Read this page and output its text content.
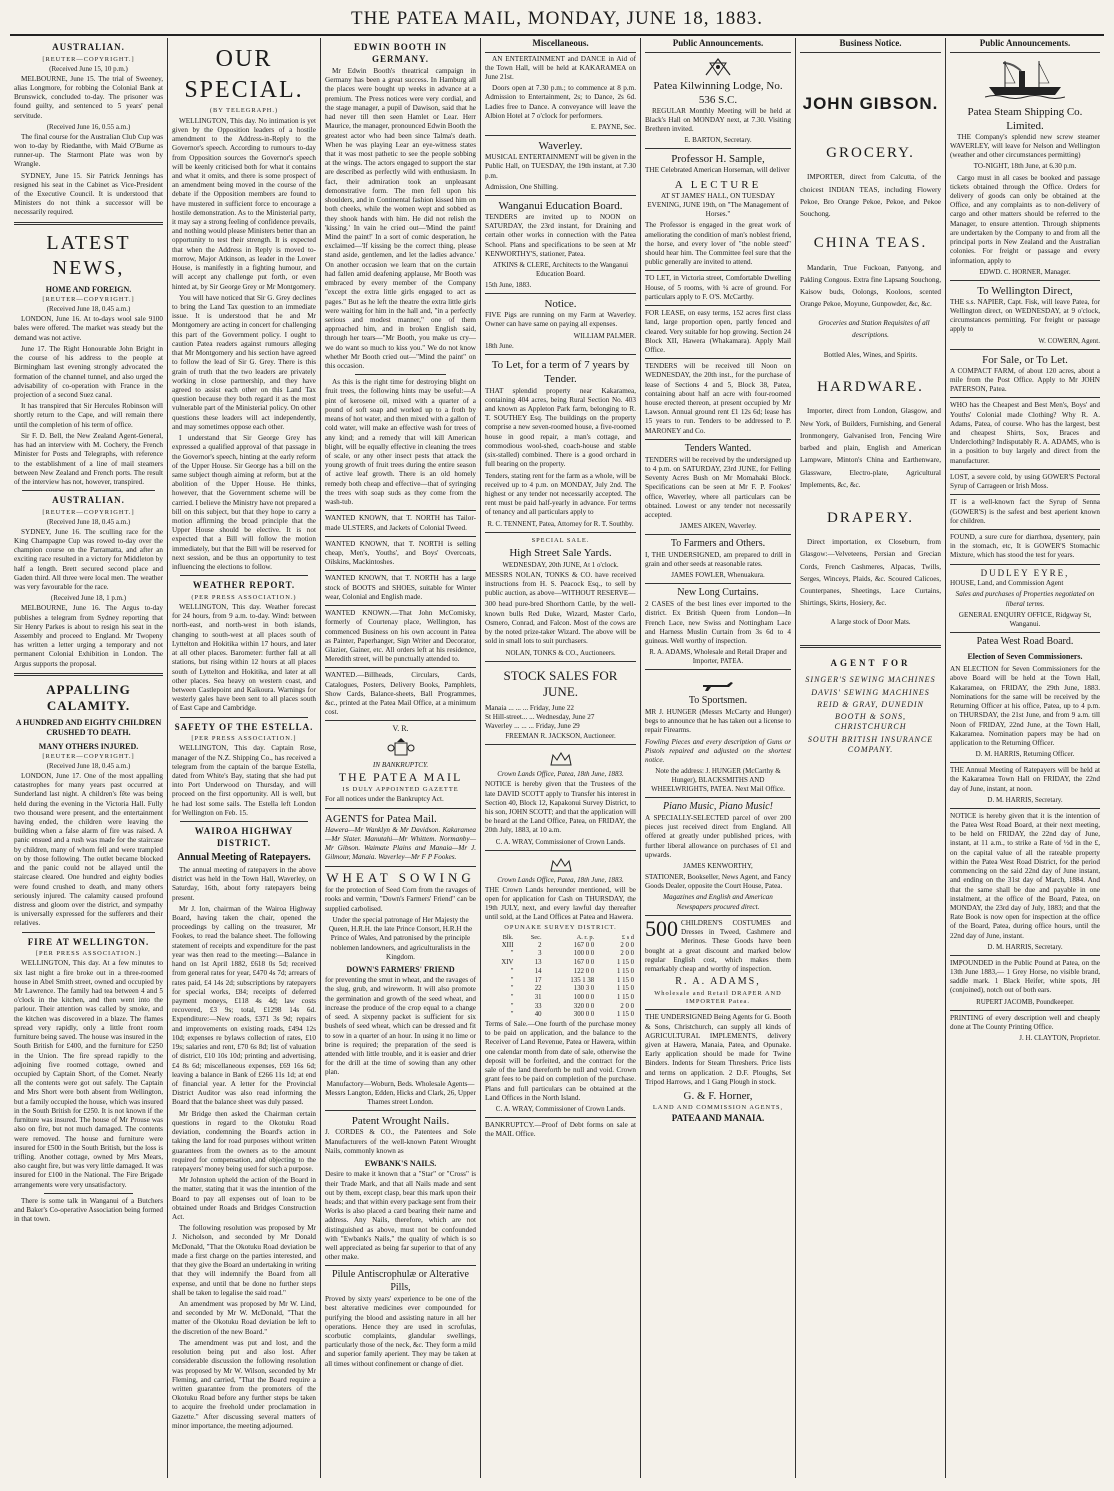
THE PATEA MAIL, MONDAY, JUNE 18, 1883.
AUSTRALIAN.
[REUTER—COPYRIGHT.]
(Received June 15, 10 p.m.)

MELBOURNE, June 15. The trial of Sweeney, alias Longmore, for robbing the Colonial Bank at Brunswick, concluded to-day. The prisoner was found guilty, and sentenced to 5 years' penal servitude.

(Received June 16, 0.55 a.m.)

The final course for the Australian Club Cup was won to-day by Riedanthe, with Maid O'Burne as runner-up. The Starmont Plate was won by Wrangle.

SYDNEY, June 15. Sir Patrick Jennings has resigned his seat in the Cabinet as Vice-President of the Executive Council. It is understood that Ministers do not think a successor will be necessarily required.

LATEST NEWS,
HOME AND FOREIGN.
[REUTER—COPYRIGHT.]
(Received June 18, 0.45 a.m.)

LONDON, June 16. At to-days wool sale 9100 bales were offered. The market was steady but the demand was not active.

June 17. The Right Honourable John Bright in the course of his address to the people at Birmingham last evening strongly advocated the formation of the channel tunnel, and also urged the advisability of co-operation with France in the projection of a second Suez canal.

It has transpired that Sir Hercules Robinson will shortly return to the Cape, and will remain there until the completion of his term of office.

Sir F. D. Bell, the New Zealand Agent-General, has had an interview with M. Cochery, the French Minister for Posts and Telegraphs, with reference to the establishment of a line of mail steamers between New Zealand and French ports. The result of the interview has not, however, transpired.

AUSTRALIAN.
[REUTER—COPYRIGHT.]
(Received June 18, 0.45 a.m.)

SYDNEY, June 16. The sculling race for the King Champagne Cup was rowed to-day over the champion course on the Parramatta, and after an exciting race resulted in a victory for Middleton by half a length. Brett secured second place and Gaden third. All three were local men. The weather was very favourable for the race.

(Received June 18, 1 p.m.)

MELBOURNE, June 16. The Argus to-day publishes a telegram from Sydney reporting that Sir Henry Parkes is about to resign his seat in the Assembly and proceed to England. Mr Twopeny has written a letter urging a temporary and not permanent Colonial Exhibition in London. The Argus supports the proposal.

APPALLING CALAMITY.
A HUNDRED AND EIGHTY CHILDREN CRUSHED TO DEATH.
MANY OTHERS INJURED.
[REUTER—COPYRIGHT.]
(Received June 18, 0.45 a.m.)

LONDON, June 17. One of the most appalling catastrophes for many years past occurred at Sunderland last night. A children's fête was being held during the evening in the Victoria Hall. Fully two thousand were present, and the entertainment having ended, the children were leaving the building when a false alarm of fire was raised. A panic ensued and a rush was made for the staircase by children, many of whom fell and were trampled on by those following. The outlet became blocked and the panic could not be allayed until the staircase cleared. One hundred and eighty bodies were found crushed to death, and many others seriously injured. The calamity caused profound distress and gloom over the district, and sympathy is universally expressed for the sufferers and their relatives.

FIRE AT WELLINGTON.
[PER PRESS ASSOCIATION.]

WELLINGTON, This day. At a few minutes to six last night a fire broke out in a three-roomed house in Abel Smith street, owned and occupied by Mr Lawrence. The family had tea between 4 and 5 o'clock in the kitchen, and then went into the parlour. Their attention was called by smoke, and the kitchen was discovered in a blaze. The flames spread very rapidly, only a little front room furniture being saved. The house was insured in the South British for £400, and the furniture for £250 in the Union. The fire spread rapidly to the adjoining five roomed cottage, owned and occupied by Captain Short, of the Comet. Nearly all the contents were got out safely. The Captain and Mrs Short were both absent from Wellington, but a family occupied the house, which was insured in the South British for £250. It is not known if the furniture was insured. The house of Mr Prouse was also on fire, but not much damaged. The contents were removed. The house and furniture were insured for £500 in the South British, but the loss is trifling. Another cottage, owned by Mrs Mears, also caught fire, but was very little damaged. It was insured for £100 in the National. The Fire Brigade arrangements were very unsatisfactory.

There is some talk in Wanganui of a Butchers and Baker's Co-operative Association being formed in that town.

OUR SPECIAL.
(BY TELEGRAPH.)

WELLINGTON, This day. No intimation is yet given by the Opposition leaders of a hostile amendment to the Address-in-Reply to the Governor's speech. According to rumours to-day from Opposition sources the Governor's speech will be keenly criticised both for what it contains and what it omits, and there is some prospect of an amendment being moved in the course of the debate if the Opposition members are found to have mustered in sufficient force to encourage a hostile demonstration. As to the Ministerial party, it may say a strong feeling of confidence prevails, and nothing would please Ministers better than an opportunity to test their strength. It is expected that when the Address in Reply is moved to-morrow, Major Atkinson, as leader in the Lower House, is manifestly in a fighting humour, and will accept any challenge put forth, or even hinted at, by Sir George Grey or Mr Montgomery.

You will have noticed that Sir G. Grey declines to bring the Land Tax question to an immediate issue. It is understood that he and Mr Montgomery are acting in concert for challenging this part of the Government policy. I ought to caution Patea readers against rumours alleging that Mr Montgomery and his section have agreed to follow the lead of Sir G. Grey. There is this grain of truth that the two leaders are privately working in close partnership, and they have agreed to assist each other on this Land Tax question because they both regard it as the most vulnerable part of the Ministerial policy. On other questions these leaders will act independently, and may sometimes oppose each other.

I understand that Sir George Grey has expressed a qualified approval of that passage in the Governor's speech, hinting at the early reform of the Upper House. Sir George has a bill on the same subject though aiming at reform, but at the abolition of the Upper House. He thinks, however, that the Government scheme will be carried. I believe the Ministry have not prepared a bill on this subject, but that they hope to carry a motion affirming the broad principle that the Upper House should be elective. It is not expected that a Bill will follow the motion immediately, but that the Bill will be reserved for next session, and be thus an opportunity to test influencing the elections to follow.

WEATHER REPORT.
(PER PRESS ASSOCIATION.)

WELLINGTON, This day. Weather forecast for 24 hours, from 9 a.m. to-day. Wind: between north-east, and north-west in both islands, changing to south-west at all places south of Lyttelton and Hokitika within 17 hours, and later at all other places. Barometer: further fall at all stations, but rising within 12 hours at all places south of Lyttelton and Hokitika, and later at all other places. Sea heavy on western coast, and between Castlepoint and Kaikoura. Warnings for westerly gales have been sent to all places south of East Cape and Cambridge.

SAFETY OF THE ESTELLA.
[PER PRESS ASSOCIATION.]

WELLINGTON, This day. Captain Rose, manager of the N.Z. Shipping Co., has received a telegram from the captain of the barque Estella, dated from White's Bay, stating that she had put into Port Underwood on Thursday, and will proceed on the first opportunity. All is well, but he had lost some sails. The Estella left London for Wellington on Feb. 15.

WAIROA HIGHWAY DISTRICT.
Annual Meeting of Ratepayers.

The annual meeting of ratepayers in the above district was held in the Town Hall, Waverley, on Saturday, 16th, about forty ratepayers being present.

Mr J. Ion, chairman of the Wairoa Highway Board, having taken the chair, opened the proceedings by calling on the treasurer, Mr Fookes, to read the balance sheet. The following statement of receipts and expenditure for the past year was then read to the meeting:—Balance in hand on 1st April 1882, £618 0s 5d; received from general rates for year, £470 4s 7d; arrears of rates paid, £4 14s 2d; subscriptions by ratepayers for special works, £84; receipts of deferred payment moneys, £118 4s 4d; law costs recovered, £3 9s; total, £1298 14s 6d. Expenditure:—New roads, £371 3s 9d; repairs and improvements on existing roads, £494 12s 10d; expenses re bylaws collection of rates, £10 19s; salaries and rent, £70 6s 8d; list of valuation of district, £10 10s 10d; printing and advertising, £4 8s 6d; miscellaneous expenses, £69 16s 6d; leaving a balance in Bank of £266 11s 1d; at end of financial year. A letter for the Provincial District Auditor was also read informing the Board that the balance sheet was duly passed.

Mr Bridge then asked the Chairman certain questions in regard to the Okotuku Road deviation, condemning the Board's action in taking the land for road purposes without written guarantees from the owners as to the amount required for compensation, and objecting to the ratepayers' money being used for such a purpose.

Mr Johnston upheld the action of the Board in the matter, stating that it was the intention of the Board to pay all expenses out of loan to be obtained under Roads and Bridges Construction Act.

The following resolution was proposed by Mr J. Nicholson, and seconded by Mr Donald McDonald, "That the Okotuku Road deviation be made a first charge on the parties interested, and that they give the Board an undertaking in writing that they will indemnify the Board from all expense, and until that be done no further steps shall be taken to legalise the said road."

An amendment was proposed by Mr W. Lind, and seconded by Mr W. McDonald, "That the matter of the Okotuku Road deviation be left to the discretion of the new Board."

The amendment was put and lost, and the resolution being put and also lost. After considerable discussion the following resolution was proposed by Mr W. Wilson, seconded by Mr Fleming, and carried, "That the Board require a written guarantee from the promoters of the Okotuku Road before any further steps be taken to acquire the freehold under proclamation in Gazette." After discussing several matters of minor importance, the meeting adjourned.

EDWIN BOOTH IN GERMANY.

Mr Edwin Booth's theatrical campaign in Germany has been a great success. In Hamburg all the places were bought up weeks in advance at a premium. The Press notices were very cordial, and the stage manager, a pupil of Dawison, said that he had never till then seen Hamlet or Lear. Herr Maurice, the manager, pronounced Edwin Booth the greatest actor who had been since Talma's death. When he was playing Lear an eye-witness states that it was most pathetic to see the people sobbing at the wings. The actors engaged to support the star are described as perfectly wild with enthusiasm. In fact, their admiration took an unpleasant demonstrative form. The men fell upon his shoulders, and in Continental fashion kissed him on both cheeks, while the women wept and sobbed as they shook hands with him. He did not relish the 'kissing.' In vain he cried out—'Mind the paint! Mind the paint!' In a sort of comic desperation, he exclaimed—'If kissing be the correct thing, please stand aside, gentlemen, and let the ladies advance.' On another occasion we learn that on the curtain had fallen amid deafening applause, Mr Booth was embraced by every member of the Company "except the extra little girls engaged to act as pages." But as he left the theatre the extra little girls were waiting for him in the hall and, "in a perfectly serious and modest manner," one of them approached him, and in broken English said, through her tears—"Mr Booth, you make us cry—we do want so much to kiss you." We do not know whether Mr Booth cried out—"Mind the paint" on this occasion.

As this is the right time for destroying blight on fruit trees, the following hints may be useful:—A pint of kerosene oil, mixed with a quarter of a pound of soft soap and worked up to a froth by means of hot water, and then mixed with a gallon of cold water, will make an effective wash for trees of any kind; and a remedy that will kill American blight, will be equally effective in cleaning the trees of scale, or any other insect pests that attack the young growth of fruit trees during the entire season of active leaf growth. There is an old homely remedy both cheap and effective—that of syringing the trees with soap suds as they come from the wash-tub.

WANTED KNOWN, that T. NORTH has Tailor-made ULSTERS, and Jackets of Colonial Tweed.

WANTED KNOWN, that T. NORTH is selling cheap, Men's, Youths', and Boys' Overcoats, Oilskins, Mackintoshes.

WANTED KNOWN, that T. NORTH has a large stock of BOOTS and SHOES, suitable for Winter wear, Colonial and English made.

WANTED KNOWN.—That John McComisky, formerly of Courtenay place, Wellington, has commenced Business on his own account in Patea as Painter, Paperhanger, Sign Writer and Decorator, Glazier, Gainer, etc. All orders left at his residence, Meredith street, will be punctually attended to.

WANTED.—Billheads, Circulars, Cards, Catalogues, Posters, Delivery Books, Pamphlets, Show Cards, Balance-sheets, Ball Programmes, &c., printed at the Patea Mail Office, at a minimum cost.

V. R.
IN BANKRUPTCY.
THE PATEA MAIL
IS DULY APPOINTED GAZETTE

For all notices under the Bankruptcy Act.

AGENTS for Patea Mail.

Hawera—Mr Wanklyn & Mr Davidson. Kakaramea—Mr Slater. Manutahi—Mr Whittem. Normanby—Mr Gibson. Waimate Plains and Manaia—Mr J. Gilmour, Manaia. Waverley—Mr F P Fookes.

WHEAT SOWING

for the protection of Seed Corn from the ravages of rooks and vermin, "Down's Farmers' Friend" can be supplied carbolised.

Under the special patronage of Her Majesty the Queen, H.R.H. the late Prince Consort, H.R.H the Prince of Wales, And patronised by the principle noblemen landowners, and agriculturalists in the Kingdom.

DOWN'S FARMERS' FRIEND

for preventing the smut in wheat, and the ravages of the slug, grub, and wireworm. It will also promote the germination and growth of the seed wheat, and increase the produce of the crop equal to a change of seed. A sixpenny packet is sufficient for six bushels of seed wheat, which can be dressed and fit to sow in a quarter of an hour. In using it no lime or brine is required; the preparation of the seed is attended with little trouble, and it is easier and drier for the drill at the time of sowing than any other plan.

Manufactory—Woburn, Beds. Wholesale Agents—Messrs Langton, Edden, Hicks and Clark, 26, Upper Thames street London.

Patent Wrought Nails.

J. CORDES & CO., the Patentees and Sole Manufacturers of the well-known Patent Wrought Nails, commonly known as

EWBANK'S NAILS.

Desire to make it known that a "Star" or "Cross" is their Trade Mark, and that all Nails made and sent out by them, except clasp, bear this mark upon their heads; and that within every package sent from their Works is also placed a card bearing their name and address. Any Nails, therefore, which are not distinguished as above, must not be confounded with "Ewbank's Nails," the quality of which is so well appreciated as being far superior to that of any other make.

Pilule Antiscrophulæ or Alterative Pills,

Proved by sixty years' experience to be one of the best alterative medicines ever compounded for purifying the blood and assisting nature in all her operations. Hence they are used in scrofulas, scorbutic complaints, glandular swellings, particularly those of the neck, &c. They form a mild and superior family aperient. They may be taken at all times without confinement or change of diet.

Miscellaneous.

AN ENTERTAINMENT and DANCE in Aid of the Town Hall, will be held at KAKARAMEA on June 21st.

Doors open at 7.30 p.m.; to commence at 8 p.m. Admission to Entertainment, 2s; to Dance, 2s 6d. Ladies free to Dance. A conveyance will leave the Albion Hotel at 7 o'clock for performers.

E. PAYNE, Sec.
Waverley.

MUSICAL ENTERTAINMENT will be given in the Public Hall, on TUESDAY, the 19th instant, at 7.30 p.m.

Admission, One Shilling.

Wanganui Education Board.

TENDERS are invited up to NOON on SATURDAY, the 23rd instant, for Draining and certain other works in connection with the Patea School. Plans and specifications to be seen at Mr KENWORTHY'S, stationer, Patea.

ATKINS & CLERE, Architects to the Wanganui Education Board.
15th June, 1883.
Notice.

FIVE Pigs are running on my Farm at Waverley. Owner can have same on paying all expenses.

WILLIAM PALMER.
18th June.
To Let, for a term of 7 years by Tender.

THAT splendid property near Kakaramea, containing 404 acres, being Rural Section No. 403 and known as Appleton Park farm, belonging to R. T. SOUTHEY Esq. The buildings on the property comprise a new seven-roomed house, a five-roomed house in good repair, a man's cottage, and commodious wool-shed, coach-house and stable (six-stalled) combined. There is a good orchard in full bearing on the property.

Tenders, stating rent for the farm as a whole, will be received up to 4 p.m. on MONDAY, July 2nd. The highest or any tender not necessarily accepted. The rent must be paid half-yearly in advance. For terms of tenancy and all particulars apply to

R. C. TENNENT, Patea, Attorney for R. T. Southby.
SPECIAL SALE.
High Street Sale Yards.
WEDNESDAY, 20th JUNE, At 1 o'clock.

MESSRS NOLAN, TONKS & CO. have received instructions from H. S. Peacock Esq., to sell by public auction, as above—WITHOUT RESERVE—

300 head pure-bred Shorthorn Cattle, by the well-known bulls Red Duke, Wizard, Master Carlo, Osmero, Conrad, and Falcon. Most of the cows are by the noted prize-taker Wizard. The above will be sold in small lots to suit purchasers.

NOLAN, TONKS & CO., Auctioneers.
STOCK SALES FOR JUNE.
Manaia ... ... ... Friday, June 22
St Hill-street... ... Wednesday, June 27
Waverley ... ... ... Friday, June 29
FREEMAN R. JACKSON, Auctioneer.
Crown Lands Office, Patea, 18th June, 1883.

NOTICE is hereby given that the Trustees of the late DAVID SCOTT apply to Transfer his interest in Section 40, Block 12, Kapakonui Survey District, to his son, JOHN SCOTT; and that the application will be heard at the Land Office, Patea, on FRIDAY, the 20th July, 1883, at 10 a.m.

C. A. WRAY, Commissioner of Crown Lands.
Crown Lands Office, Patea, 18th June, 1883.

THE Crown Lands hereunder mentioned, will be open for application for Cash on THURSDAY, the 19th JULY, next, and every lawful day thereafter until sold, at the Land Offices at Patea and Hawera.

OPUNAKE SURVEY DISTRICT.
Blk.	Sec.	A. r. p.	£ s d
XIII	2	167 0 0	2 0 0
"	3	100 0 0	2 0 0
XIV	13	167 0 0	1 15 0
"	14	122 0 0	1 15 0
"	17	135 1 38	1 15 0
"	22	130 3 0	1 15 0
"	31	100 0 0	1 15 0
"	33	320 0 0	2 0 0
"	40	300 0 0	1 15 0

Terms of Sale.—One fourth of the purchase money to be paid on application, and the balance to the Receiver of Land Revenue, Patea or Hawera, within one calendar month from date of sale, otherwise the deposit will be forfeited, and the contract for the sale of the land thereforth be null and void. Crown grant fees to be paid on completion of the purchase. Plans and full particulars can be obtained at the Land Offices in the North Island.

C. A. WRAY, Commissioner of Crown Lands.

BANKRUPTCY.—Proof of Debt forms on sale at the MAIL Office.

Public Announcements.
Patea Kilwinning Lodge, No. 536 S.C.

REGULAR Monthly Meeting will be held at Black's Hall on MONDAY next, at 7.30. Visiting Brethren invited.

E. BARTON, Secretary.
Professor H. Sample,

THE Celebrated American Horseman, will deliver

A LECTURE

AT ST JAMES' HALL, ON TUESDAY EVENING, JUNE 19th, on "The Management of Horses."

The Professor is engaged in the great work of ameliorating the condition of man's noblest friend, the horse, and every lover of "the noble steed" should hear him. The Committee feel sure that the public generally are invited to attend.

TO LET, in Victoria street, Comfortable Dwelling House, of 5 rooms, with ¼ acre of ground. For particulars apply to F. O'S. McCarthy.

FOR LEASE, on easy terms, 152 acres first class land, large proportion open, partly fenced and cleared. Very suitable for hop growing. Section 24 Block XII, Hawera (Whakamara). Apply Mail Office.

TENDERS will be received till Noon on WEDNESDAY, the 20th inst., for the purchase of lease of Sections 4 and 5, Block 38, Patea, containing about half an acre with four-roomed house erected thereon, at present occupied by Mr Lawson. Annual ground rent £1 12s 6d; lease has 15 years to run. Tenders to be addressed to P. MARONEY and Co.

Tenders Wanted.

TENDERS will be received by the undersigned up to 4 p.m. on SATURDAY, 23rd JUNE, for Felling Seventy Acres Bush on Mr Momahaki Block. Specifications can be seen at Mr F. P. Fookes' office, Waverley, where all particulars can be obtained. Lowest or any tender not necessarily accepted.

JAMES AIKEN, Waverley.
To Farmers and Others.

I, THE UNDERSIGNED, am prepared to drill in grain and other seeds at reasonable rates.

JAMES FOWLER, Whenuakura.
New Long Curtains.

2 CASES of the best lines ever imported to the district. Ex British Queen from London—In French Lace, new Swiss and Nottingham Lace and Harness Muslin Curtain from 3s 6d to 4 guineas. Well worthy of inspection.

R. A. ADAMS, Wholesale and Retail Draper and Importer, PATEA.
To Sportsmen.

MR J. HUNGER (Messrs McCarty and Hunger) begs to announce that he has taken out a license to repair Firearms.

Fowling Pieces and every description of Guns or Pistols repaired and adjusted on the shortest notice.

Note the address: J. HUNGER (McCarthy & Hunger), BLACKSMITHS AND WHEELWRIGHTS, PATEA. Next Mail Office.
Piano Music, Piano Music!

A SPECIALLY-SELECTED parcel of over 200 pieces just received direct from England. All offered at greatly under published prices, with further liberal allowance on purchases of £1 and upwards.

JAMES KENWORTHY,

STATIONER, Bookseller, News Agent, and Fancy Goods Dealer, opposite the Court House, Patea.

Magazines and English and American Newspapers procured direct.

500 CHILDREN'S COSTUMES and Dresses in Tweed, Cashmere and Merinos. These Goods have been bought at a great discount and marked below regular English cost, which makes them remarkably cheap and worthy of inspection.

R. A. ADAMS,
Wholesale and Retail DRAPER AND IMPORTER Patea.

THE UNDERSIGNED Being Agents for G. Booth & Sons, Christchurch, can supply all kinds of AGRICULTURAL IMPLEMENTS, delivery given at Hawera, Manaia, Patea, and Opunake. Early application should be made for Twine Binders. Indents for Steam Threshers. Price lists and terms on application. 2 D.F. Ploughs, Set Tripod Harrows, and 1 Gang Plough in stock.

G. & F. Horner,
LAND AND COMMISSION AGENTS,
PATEA AND MANAIA.
Business Notice.
JOHN GIBSON.
GROCERY.

IMPORTER, direct from Calcutta, of the choicest INDIAN TEAS, including Flowery Pekoe, Bro Orange Pekoe, Pekoe, and Pekoe Souchong.

CHINA TEAS.

Mandarin, True Fuckoan, Panyong, and Pakling Congous. Extra fine Lapsang Souchong, Kaisow buds, Oolongs, Kooloos, scented Orange Pekoe, Moyune, Gunpowder, &c, &c.

Groceries and Station Requisites of all descriptions.

Bottled Ales, Wines, and Spirits.

HARDWARE.

Importer, direct from London, Glasgow, and New York, of Builders, Furnishing, and General Ironmongery, Galvanised Iron, Fencing Wire barbed and plain, English and American Lampware, Minton's China and Earthenware, Glassware, Electro-plate, Agricultural Implements, &c, &c.

DRAPERY.

Direct importation, ex Closeburn, from Glasgow:—Velveteens, Persian and Grecian Cords, French Cashmeres, Alpacas, Twills, Serges, Winceys, Plaids, &c. Scoured Calicoes, Counterpanes, Sheetings, Lace Curtains, Shirtings, Skirts, Hosiery, &c.

A large stock of Door Mats.

AGENT FOR
SINGER'S SEWING MACHINES
DAVIS' SEWING MACHINES
REID & GRAY, DUNEDIN
BOOTH & SONS, CHRISTCHURCH
SOUTH BRITISH INSURANCE COMPANY.
Public Announcements.
Patea Steam Shipping Co. Limited.

THE Company's splendid new screw steamer WAVERLEY, will leave for Nelson and Wellington (weather and other circumstances permitting)

TO-NIGHT, 18th June, at 6.30 p.m.

Cargo must in all cases be booked and passage tickets obtained through the Office. Orders for delivery of goods can only be obtained at the Office, and any complaints as to non-delivery of cargo and other matters should be referred to the Manager, to ensure attention. Through shipments are undertaken by the Company to and from all the principal ports in New Zealand and the Australian colonies. For freight or passage and every information, apply to

EDWD. C. HORNER, Manager.
To Wellington Direct,

THE s.s. NAPIER, Capt. Fisk, will leave Patea, for Wellington direct, on WEDNESDAY, at 9 o'clock, circumstances permitting. For freight or passage apply to

W. COWERN, Agent.
For Sale, or To Let.

A COMPACT FARM, of about 120 acres, about a mile from the Post Office. Apply to Mr JOHN PATERSON, Patea.

WHO has the Cheapest and Best Men's, Boys' and Youths' Colonial made Clothing? Why R. A. Adams, Patea, of course. Who has the largest, best and cheapest Shirts, Sox, Braces and Underclothing? Indisputably R. A. ADAMS, who is in a position to buy largely and direct from the manufacturer.

LOST, a severe cold, by using GOWER'S Pectoral Syrup of Carrageen or Irish Moss.

IT is a well-known fact the Syrup of Senna (GOWER'S) is the safest and best aperient known for children.

FOUND, a sure cure for diarrhœa, dysentery, pain in the stomach, etc, It is GOWER'S Stomachic Mixture, which has stood the test for years.

DUDLEY EYRE,

HOUSE, Land, and Commission Agent

Sales and purchases of Properties negotiated on liberal terms.

GENERAL ENQUIRY OFFICE, Ridgway St, Wanganui.

Patea West Road Board.
Election of Seven Commissioners.

AN ELECTION for Seven Commissioners for the above Board will be held at the Town Hall, Kakaramea, on FRIDAY, the 29th June, 1883. Nominations for the same will be received by the Returning Officer at his office, Patea, up to 4 p.m. on THURSDAY, the 21st June, and from 9 a.m. till Noon of FRIDAY, 22nd June, at the Town Hall, Kakaramea. Nomination papers may be had on application to the Returning Officer.

D. M. HARRIS, Returning Officer.

THE Annual Meeting of Ratepayers will be held at the Kakaramea Town Hall on FRIDAY, the 22nd day of June, instant, at noon.

D. M. HARRIS, Secretary.

NOTICE is hereby given that it is the intention of the Patea West Road Board, at their next meeting, to be held on FRIDAY, the 22nd day of June, instant, at 11 a.m., to strike a Rate of ½d in the £, on the capital value of all the rateable property within the Patea West Road District, for the period commencing on the said 22nd day of June instant, and ending on the 31st day of March, 1884. And that the same shall be due and payable in one instalment, at the office of the Board, Patea, on MONDAY, the 23rd day of July, 1883; and that the Rate Book is now open for inspection at the office of the Board, Patea, during office hours, until the 22nd day of June, instant.

D. M. HARRIS, Secretary.

IMPOUNDED in the Public Pound at Patea, on the 13th June 1883,— 1 Grey Horse, no visible brand, saddle mark. 1 Black Heifer, white spots, JH (conjoined), notch out of both ears.

RUPERT JACOMB, Poundkeeper.

PRINTING of every description well and cheaply done at The County Printing Office.

J. H. CLAYTON, Proprietor.
